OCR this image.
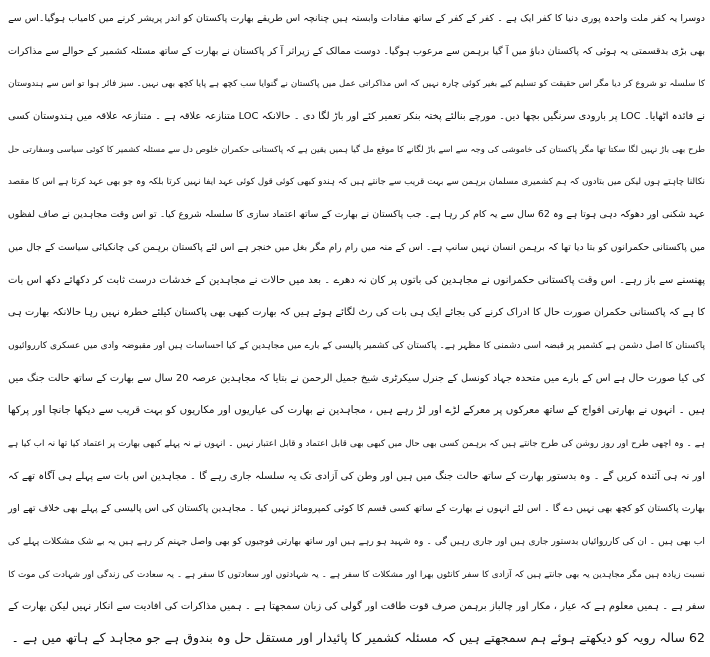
دوسرا یہ کفر ملت واحدہ پوری دنیا کا کفر ایک ہے ۔ کفر کے کفر کے ساتھ مفادات وابستہ ہیں چنانچہ اس طریقے بھارت پاکستان کو اندر پریشر کرنے میں کامیاب ہوگیا۔اس سے
بھی بڑی بدقسمتی یہ ہوئی کہ پاکستان دباؤ میں آ گیا برہمن سے مرعوب ہوگیا۔ دوست ممالک کے زیراثر آ کر پاکستان نے بھارت کے ساتھ مسئلہ کشمیر کے حوالے سے مذاکرات
کا سلسلہ تو شروع کر دیا مگر اس حقیقت کو تسلیم کیے بغیر کوئی چارہ نہیں کہ اس مذاکراتی عمل میں پاکستان نے گنوایا سب کچھ ہے پایا کچھ بھی نہیں۔ سیز فائر ہوا تو اس سے ہندوستان
نے فائدہ اٹھایا۔ LOC پر بارودی سرنگیں بچھا دیں۔ مورچے بنالئے پختہ بنکر تعمیر کئے اور باڑ لگا دی ۔ حالانکہ LOC متنازعہ علاقہ ہے ۔ متنازعہ علاقہ میں ہندوستان کسی
طرح بھی باڑ نہیں لگا سکتا تھا مگر پاکستان کی خاموشی کی وجہ سے اسے باڑ لگانے کا موقع مل گیا ہمیں یقین ہے کہ پاکستانی حکمران خلوص دل سے مسئلہ کشمیر کا کوئی سیاسی وسفارتی حل
نکالنا چاہتے ہوں لیکن میں بتادوں کہ ہم کشمیری مسلمان برہمن سے بہت قریب سے جانتے ہیں کہ ہندو کبھی کوئی قول کوئی عہد ایفا نہیں کرتا بلکہ وہ جو بھی عہد کرتا ہے اس کا مقصد
عہد شکنی اور دھوکہ دہی ہوتا ہے وہ 62 سال سے یہ کام کر رہا ہے۔ جب پاکستان نے بھارت کے ساتھ اعتماد سازی کا سلسلہ شروع کیا۔ تو اس وقت مجاہدین نے صاف لفظوں
میں پاکستانی حکمرانوں کو بتا دیا تھا کہ برہمن انسان نہیں سانپ ہے۔ اس کے منہ میں رام رام مگر بغل میں خنجر ہے اس لئے پاکستان برہمن کی چانکیائی سیاست کے جال میں
پھنسنے سے باز رہے۔ اس وقت پاکستانی حکمرانوں نے مجاہدین کی باتوں پر کان نہ دھرے ۔ بعد میں حالات نے مجاہدین کے خدشات درست ثابت کر دکھائے دکھ اس بات
کا ہے کہ پاکستانی حکمران صورت حال کا ادراک کرنے کی بجائے ایک ہی بات کی رٹ لگائے ہوئے ہیں کہ بھارت کبھی بھی پاکستان کیلئے خطرہ نہیں رہا حالانکہ بھارت ہی
پاکستان کا اصل دشمن ہے کشمیر پر قبضہ اسی دشمنی کا مظہر ہے۔ پاکستان کی کشمیر پالیسی کے بارے میں مجاہدین کے کیا احساسات ہیں اور مقبوضہ وادی میں عسکری کارروائیوں
کی کیا صورت حال ہے اس کے بارے میں متحدہ جہاد کونسل کے جنرل سیکرٹری شیخ جمیل الرحمن نے بتایا کہ مجاہدین عرصہ 20 سال سے بھارت کے ساتھ حالت جنگ میں
ہیں ۔ انہوں نے بھارتی افواج کے ساتھ معرکوں پر معرکے لڑے اور لڑ رہے ہیں ، مجاہدین نے بھارت کی عیاریوں اور مکاریوں کو بہت قریب سے دیکھا جانچا اور پرکھا
ہے ۔ وہ اچھی طرح اور روز روشن کی طرح جانتے ہیں کہ برہمن کسی بھی حال میں کبھی بھی قابل اعتماد و قابل اعتبار نہیں ۔ انہوں نے نہ پہلے کبھی بھارت پر اعتماد کیا تھا نہ اب کیا ہے
اور نہ ہی آئندہ کریں گے ۔ وہ بدستور بھارت کے ساتھ حالت جنگ میں ہیں اور وطن کی آزادی تک یہ سلسلہ جاری رہے گا ۔ مجاہدین اس بات سے پہلے ہی آگاہ تھے کہ
بھارت پاکستان کو کچھ بھی نہیں دے گا ۔ اس لئے انہوں نے بھارت کے ساتھ کسی قسم کا کوئی کمپرومائز نہیں کیا ۔ مجاہدین پاکستان کی اس پالیسی کے پہلے بھی خلاف تھے اور
اب بھی ہیں ۔ ان کی کارروائیاں بدستور جاری ہیں اور جاری رہیں گی ۔ وہ شہید ہو رہے ہیں اور ساتھ بھارتی فوجیوں کو بھی واصل جہنم کر رہے ہیں یہ بے شک مشکلات پہلے کی
نسبت زیادہ ہیں مگر مجاہدین یہ بھی جانتے ہیں کہ آزادی کا سفر کانٹوں بھرا اور مشکلات کا سفر ہے ۔ یہ شہادتوں اور سعادتوں کا سفر ہے ۔ یہ سعادت کی زندگی اور شہادت کی موت کا
سفر ہے ۔ ہمیں معلوم ہے کہ عیار ، مکار اور چالباز برہمن صرف قوت طاقت اور گولی کی زبان سمجھتا ہے ۔ ہمیں مذاکرات کی افادیت سے انکار نہیں لیکن بھارت کے
62 سالہ رویہ کو دیکھتے ہوئے ہم سمجھتے ہیں کہ مسئلہ کشمیر کا پائیدار اور مستقل حل وہ بندوق ہے جو مجاہد کے ہاتھ میں ہے ۔
